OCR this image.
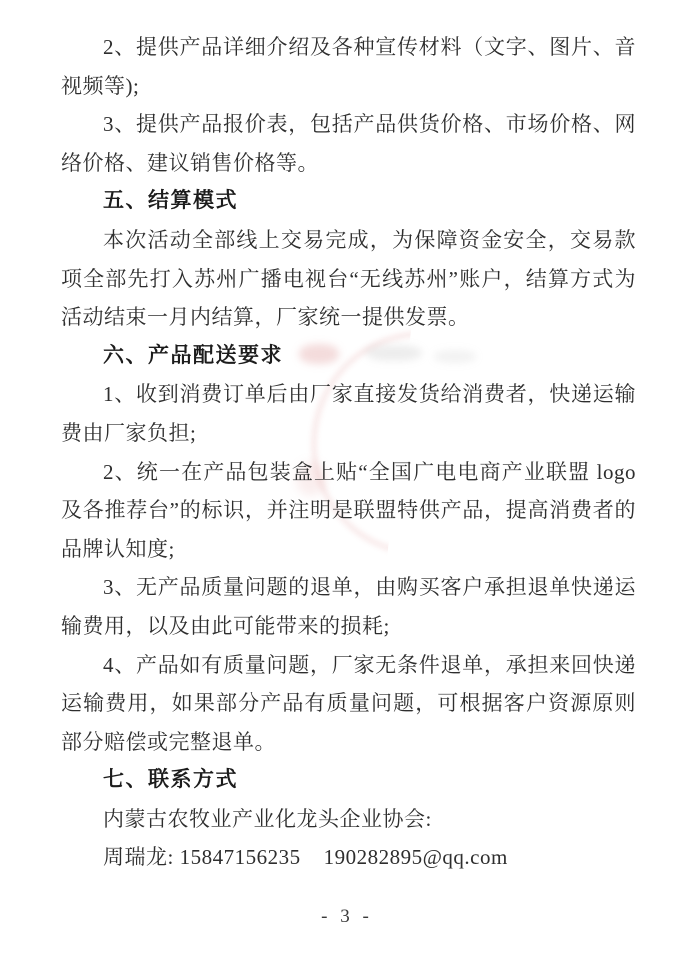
2、提供产品详细介绍及各种宣传材料（文字、图片、音视频等);

3、提供产品报价表，包括产品供货价格、市场价格、网络价格、建议销售价格等。

五、结算模式

本次活动全部线上交易完成，为保障资金安全，交易款项全部先打入苏州广播电视台“无线苏州”账户，结算方式为活动结束一月内结算，厂家统一提供发票。

六、产品配送要求

1、收到消费订单后由厂家直接发货给消费者，快递运输费由厂家负担;

2、统一在产品包装盒上贴“全国广电电商产业联盟 logo 及各推荐台”的标识，并注明是联盟特供产品，提高消费者的品牌认知度;

3、无产品质量问题的退单，由购买客户承担退单快递运输费用，以及由此可能带来的损耗;

4、产品如有质量问题，厂家无条件退单，承担来回快递运输费用，如果部分产品有质量问题，可根据客户资源原则部分赔偿或完整退单。

七、联系方式

内蒙古农牧业产业化龙头企业协会:

周瑞龙: 15847156235    190282895@qq.com

- 3 -
